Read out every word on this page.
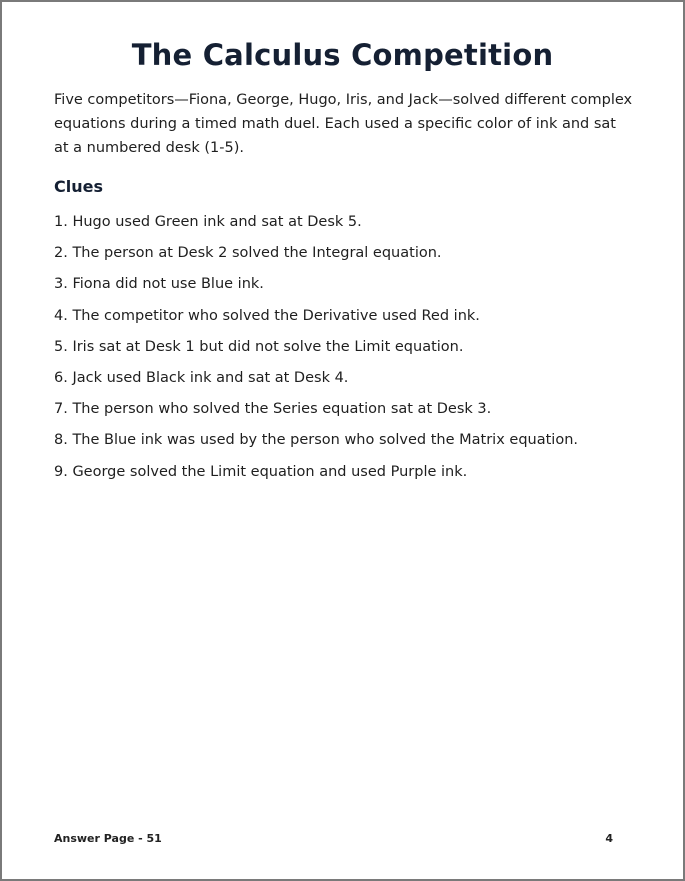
The Calculus Competition
Five competitors—Fiona, George, Hugo, Iris, and Jack—solved different complex equations during a timed math duel. Each used a specific color of ink and sat at a numbered desk (1-5).
Clues
1. Hugo used Green ink and sat at Desk 5.
2. The person at Desk 2 solved the Integral equation.
3. Fiona did not use Blue ink.
4. The competitor who solved the Derivative used Red ink.
5. Iris sat at Desk 1 but did not solve the Limit equation.
6. Jack used Black ink and sat at Desk 4.
7. The person who solved the Series equation sat at Desk 3.
8. The Blue ink was used by the person who solved the Matrix equation.
9. George solved the Limit equation and used Purple ink.
Answer Page - 51	4
